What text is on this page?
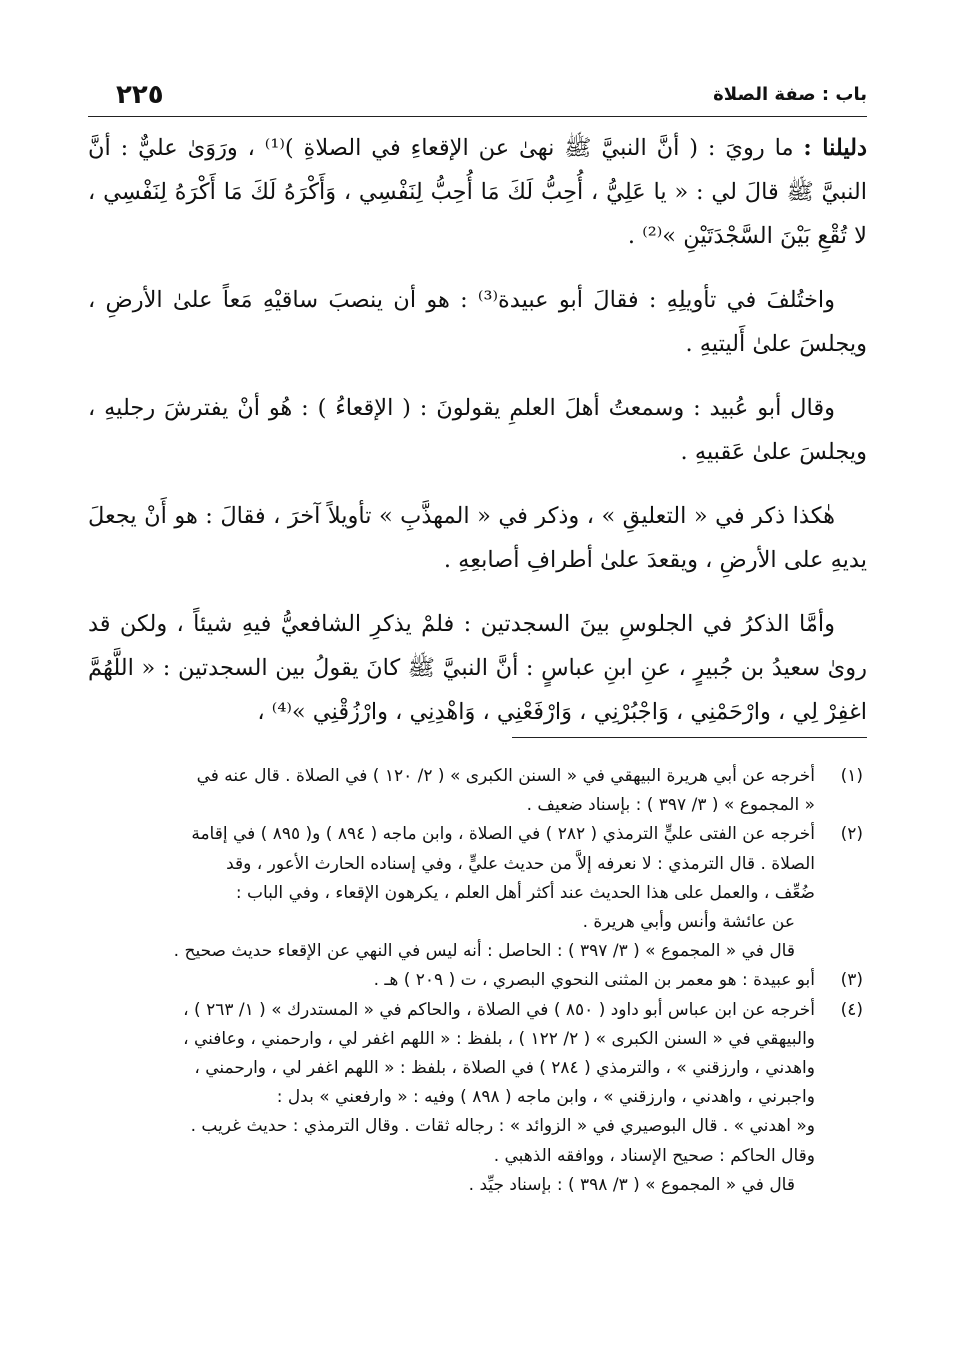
باب : صفة الصلاة
٢٢٥

دليلنا : ما رويَ : ( أنَّ النبيَّ ﷺ نهىٰ عن الإقعاءِ في الصلاةِ )⁽¹⁾ ، ورَوَىٰ عليٌّ : أنَّ النبيَّ ﷺ قالَ لي : « يا عَلِيُّ ، أُحِبُّ لَكَ مَا أُحِبُّ لِنَفْسِي ، وَأَكْرَهُ لَكَ مَا أَكْرَهُ لِنَفْسِي ، لا تُقْعِ بَيْنَ السَّجْدَتَيْنِ »⁽²⁾ .

واختُلفَ في تأويلِهِ : فقالَ أبو عبيدة⁽³⁾ : هو أن ينصبَ ساقيْهِ مَعاً علىٰ الأرضِ ، ويجلسَ علىٰ أَليتيهِ .

وقال أبو عُبيد : وسمعتُ أهلَ العلمِ يقولونَ : ( الإقعاءُ ) : هُو أنْ يفترشَ رجليهِ ، ويجلسَ علىٰ عَقبيهِ .

هٰكذا ذكر في « التعليقِ » ، وذكر في « المهذَّبِ » تأويلاً آخرَ ، فقالَ : هو أَنْ يجعلَ يديهِ على الأرضِ ، ويقعدَ علىٰ أطرافِ أصابعِهِ .

وأمَّا الذكرُ في الجلوسِ بينَ السجدتين : فلمْ يذكرِ الشافعيُّ فيهِ شيئاً ، ولكن قد روىٰ سعيدُ بن جُبيرٍ ، عنِ ابنِ عباسٍ : أنَّ النبيَّ ﷺ كانَ يقولُ بين السجدتين : « اللَّهُمَّ اغفِرْ لِي ، وارْحَمْنِي ، وَاجْبُرْنِي ، وَارْفَعْنِي ، وَاهْدِنِي ، وارْزُقْنِي »⁽⁴⁾ ،

(١)
أخرجه عن أبي هريرة البيهقي في « السنن الكبرى » ( ٢/ ١٢٠ ) في الصلاة . قال عنه في
« المجموع » ( ٣/ ٣٩٧ ) : بإسناد ضعيف .
(٢)
أخرجه عن الفتى عليٍّ الترمذي ( ٢٨٢ ) في الصلاة ، وابن ماجه ( ٨٩٤ ) و( ٨٩٥ ) في إقامة
الصلاة . قال الترمذي : لا نعرفه إلاَّ من حديث عليٍّ ، وفي إسناده الحارث الأعور ، وقد
ضُعِّف ، والعمل على هذا الحديث عند أكثر أهل العلم ، يكرهون الإقعاء ، وفي الباب :
عن عائشة وأنس وأبي هريرة .
قال في « المجموع » ( ٣/ ٣٩٧ ) : الحاصل : أنه ليس في النهي عن الإقعاء حديث صحيح .
(٣)
أبو عبيدة : هو معمر بن المثنى النحوي البصري ، ت ( ٢٠٩ ) هـ .
(٤)
أخرجه عن ابن عباس أبو داود ( ٨٥٠ ) في الصلاة ، والحاكم في « المستدرك » ( ١/ ٢٦٣ ) ،
والبيهقي في « السنن الكبرى » ( ٢/ ١٢٢ ) ، بلفظ : « اللهم اغفر لي ، وارحمني ، وعافني ،
واهدني ، وارزقني » ، والترمذي ( ٢٨٤ ) في الصلاة ، بلفظ : « اللهم اغفر لي ، وارحمني ،
واجبرني ، واهدني ، وارزقني » ، وابن ماجه ( ٨٩٨ ) وفيه : « وارفعني » بدل :
و« اهدني » . قال البوصيري في « الزوائد » : رجاله ثقات . وقال الترمذي : حديث غريب .
وقال الحاكم : صحيح الإسناد ، ووافقه الذهبي .
قال في « المجموع » ( ٣/ ٣٩٨ ) : بإسناد جيِّد .
